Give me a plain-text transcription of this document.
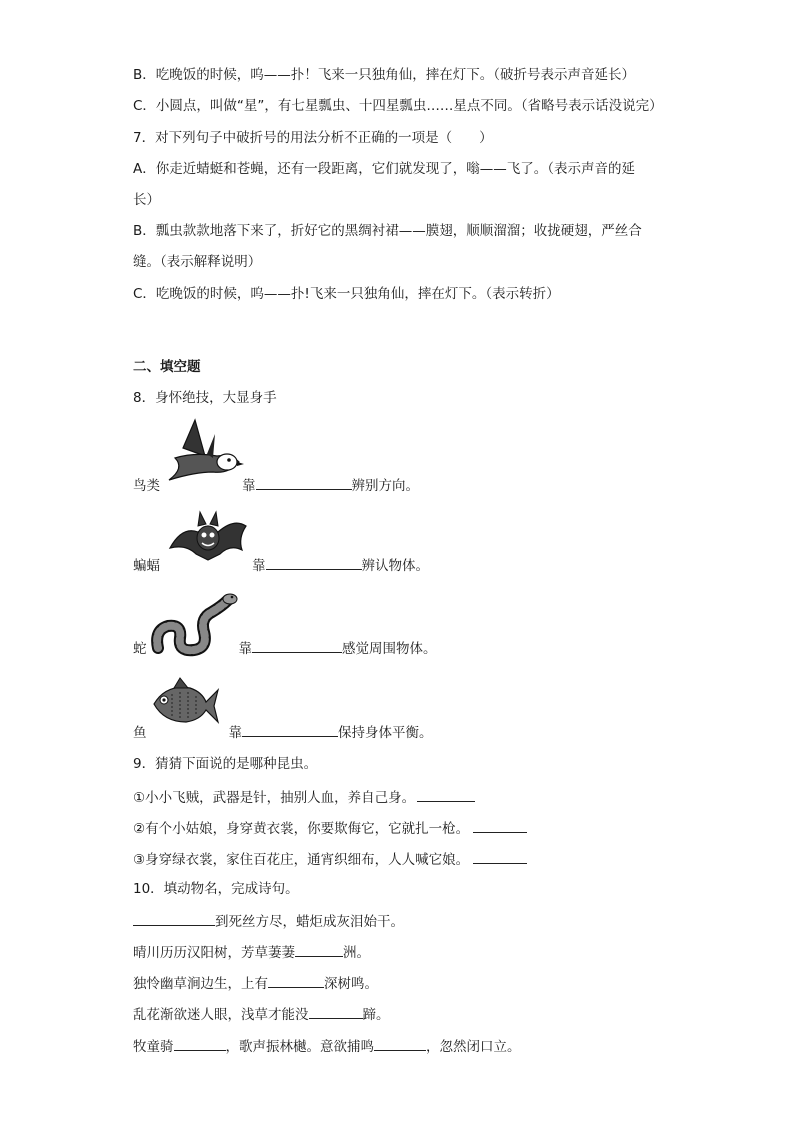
B．吃晚饭的时候，呜——扑！飞来一只独角仙，摔在灯下。（破折号表示声音延长）
C．小圆点，叫做“星”，有七星瓢虫、十四星瓢虫……星点不同。（省略号表示话没说完）
7．对下列句子中破折号的用法分析不正确的一项是（　　）
A．你走近蜻蜓和苍蝇，还有一段距离，它们就发现了，嗡——飞了。（表示声音的延
长）
B．瓢虫款款地落下来了，折好它的黑绸衬裙——膜翅，顺顺溜溜；收拢硬翅，严丝合
缝。（表示解释说明）
C．吃晚饭的时候，呜——扑!飞来一只独角仙，摔在灯下。（表示转折）
二、填空题
8．身怀绝技，大显身手
鸟类	靠	辨别方向。
蝙蝠	靠	辨认物体。
蛇	靠	感觉周围物体。
鱼	靠	保持身体平衡。
9．猜猜下面说的是哪种昆虫。
①小小飞贼，武器是针，抽别人血，养自己身。
②有个小姑娘，身穿黄衣裳，你要欺侮它，它就扎一枪。
③身穿绿衣裳，家住百花庄，通宵织细布，人人喊它娘。
10．填动物名，完成诗句。
到死丝方尽，蜡炬成灰泪始干。
晴川历历汉阳树，芳草萋萋	洲。
独怜幽草涧边生，上有	深树鸣。
乱花渐欲迷人眼，浅草才能没	蹄。
牧童骑	，歌声振林樾。意欲捕鸣	，忽然闭口立。
